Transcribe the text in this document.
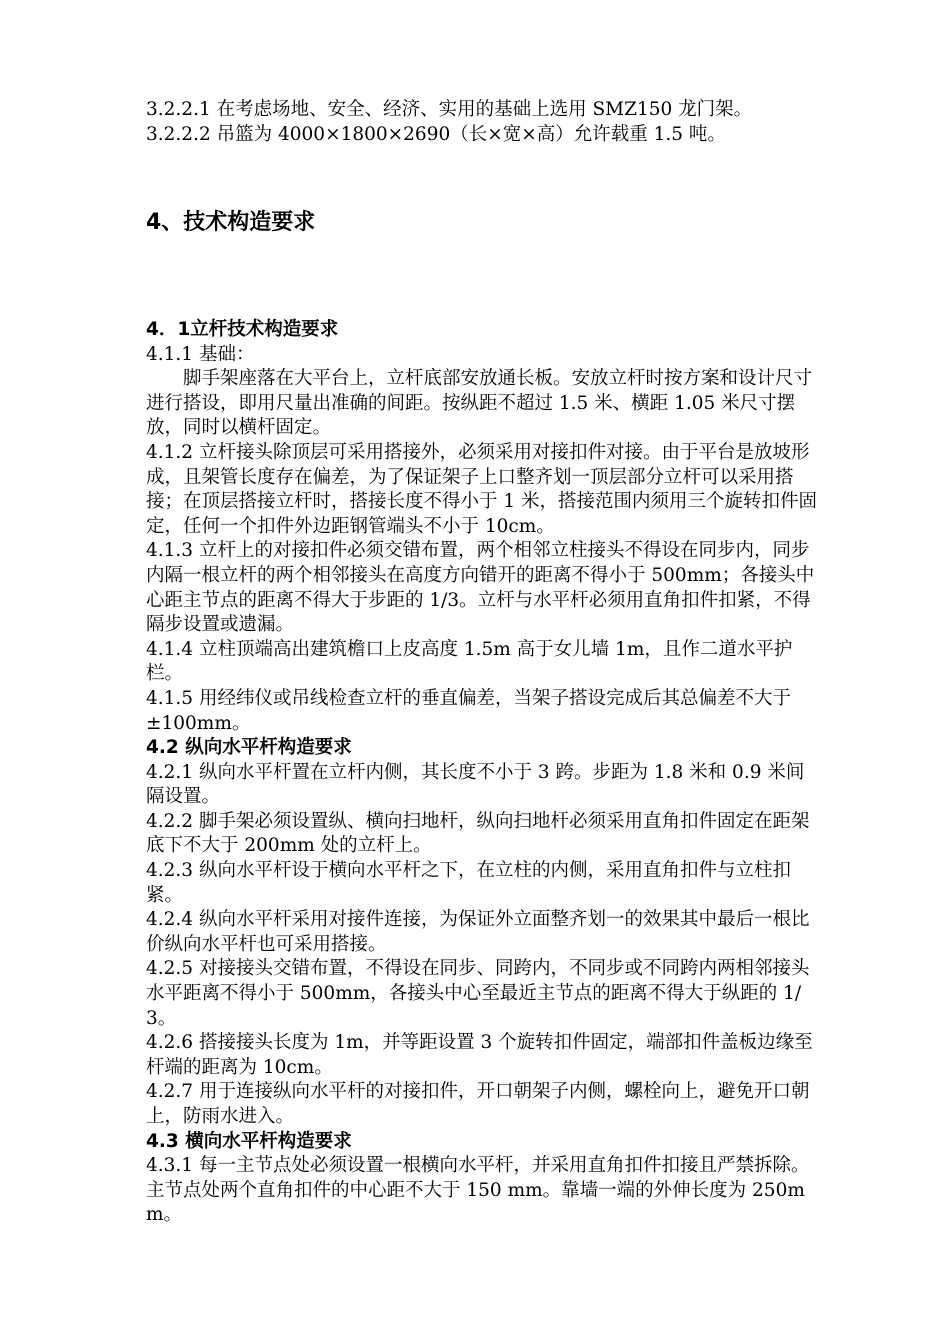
3.2.2.1 在考虑场地、安全、经济、实用的基础上选用 SMZ150 龙门架。

3.2.2.2 吊篮为 4000×1800×2690（长×宽×高）允许载重 1.5 吨。

4、技术构造要求
4．1立杆技术构造要求

4.1.1 基础：

脚手架座落在大平台上，立杆底部安放通长板。安放立杆时按方案和设计尺寸进行搭设，即用尺量出准确的间距。按纵距不超过 1.5 米、横距 1.05 米尺寸摆放，同时以横杆固定。

4.1.2 立杆接头除顶层可采用搭接外，必须采用对接扣件对接。由于平台是放坡形成，且架管长度存在偏差，为了保证架子上口整齐划一顶层部分立杆可以采用搭接；在顶层搭接立杆时，搭接长度不得小于 1 米，搭接范围内须用三个旋转扣件固定，任何一个扣件外边距钢管端头不小于 10cm。

4.1.3 立杆上的对接扣件必须交错布置，两个相邻立柱接头不得设在同步内，同步内隔一根立杆的两个相邻接头在高度方向错开的距离不得小于 500mm；各接头中心距主节点的距离不得大于步距的 1/3。立杆与水平杆必须用直角扣件扣紧，不得隔步设置或遗漏。

4.1.4 立柱顶端高出建筑檐口上皮高度 1.5m 高于女儿墙 1m，且作二道水平护栏。

4.1.5 用经纬仪或吊线检查立杆的垂直偏差，当架子搭设完成后其总偏差不大于±100mm。

4.2 纵向水平杆构造要求

4.2.1 纵向水平杆置在立杆内侧，其长度不小于 3 跨。步距为 1.8 米和 0.9 米间隔设置。

4.2.2 脚手架必须设置纵、横向扫地杆，纵向扫地杆必须采用直角扣件固定在距架底下不大于 200mm 处的立杆上。

4.2.3 纵向水平杆设于横向水平杆之下，在立柱的内侧，采用直角扣件与立柱扣紧。

4.2.4 纵向水平杆采用对接件连接，为保证外立面整齐划一的效果其中最后一根比价纵向水平杆也可采用搭接。

4.2.5 对接接头交错布置，不得设在同步、同跨内，不同步或不同跨内两相邻接头水平距离不得小于 500mm，各接头中心至最近主节点的距离不得大于纵距的 1/3。

4.2.6 搭接接头长度为 1m，并等距设置 3 个旋转扣件固定，端部扣件盖板边缘至杆端的距离为 10cm。

4.2.7 用于连接纵向水平杆的对接扣件，开口朝架子内侧，螺栓向上，避免开口朝上，防雨水进入。

4.3 横向水平杆构造要求

4.3.1 每一主节点处必须设置一根横向水平杆，并采用直角扣件扣接且严禁拆除。主节点处两个直角扣件的中心距不大于 150 mm。靠墙一端的外伸长度为 250mm。
